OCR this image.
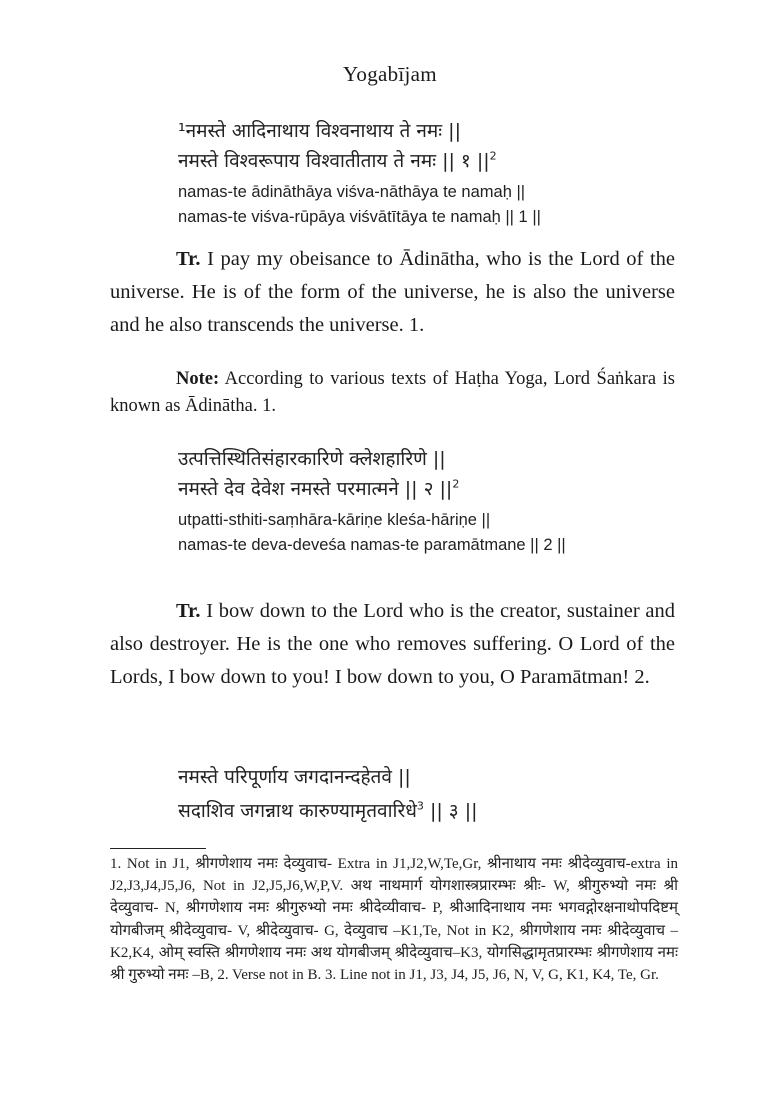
Yogabījam
¹नमस्ते आदिनाथाय विश्वनाथाय ते नमः ||
नमस्ते विश्वरूपाय विश्वातीताय ते नमः || १ $||^2$
namas-te ādināthāya viśva-nāthāya te namaḥ ||
namas-te viśva-rūpāya viśvātītāya te namaḥ || 1 ||
Tr. I pay my obeisance to Ādinātha, who is the Lord of the universe. He is of the form of the universe, he is also the universe and he also transcends the universe. 1.
Note: According to various texts of Haṭha Yoga, Lord Śaṅkara is known as Ādinātha. 1.
उत्पत्तिस्थितिसंहारकारिणे क्लेशहारिणे ||
नमस्ते देव देवेश नमस्ते परमात्मने || २ $||^2$
utpatti-sthiti-saṃhāra-kāriṇe kleśa-hāriṇe ||
namas-te deva-deveśa namas-te paramātmane || 2 ||
Tr. I bow down to the Lord who is the creator, sustainer and also destroyer. He is the one who removes suffering. O Lord of the Lords, I bow down to you! I bow down to you, O Paramātman! 2.
नमस्ते परिपूर्णाय जगदानन्दहेतवे ||
सदाशिव जगन्नाथ कारुण्यामृतवारिधे$^3$ || ३ ||
1. Not in J1, श्रीगणेशाय नमः देव्युवाच- Extra in J1,J2,W,Te,Gr, श्रीनाथाय नमः श्रीदेव्युवाच-extra in J2,J3,J4,J5,J6, Not in J2,J5,J6,W,P,V. अथ नाथमार्ग योगशास्त्रप्रारम्भः श्रीः- W, श्रीगुरुभ्यो नमः श्री देव्युवाच- N, श्रीगणेशाय नमः श्रीगुरुभ्यो नमः श्रीदेव्यीवाच- P, श्रीआदिनाथाय नमः भगवद्गोरक्षनाथोपदिष्टम् योगबीजम् श्रीदेव्युवाच- V, श्रीदेव्युवाच- G, देव्युवाच –K1,Te, Not in K2, श्रीगणेशाय नमः श्रीदेव्युवाच – K2,K4, ओम् स्वस्ति श्रीगणेशाय नमः अथ योगबीजम् श्रीदेव्युवाच–K3, योगसिद्धामृतप्रारम्भः श्रीगणेशाय नमः श्री गुरुभ्यो नमः –B, 2. Verse not in B. 3. Line not in J1, J3, J4, J5, J6, N, V, G, K1, K4, Te, Gr.
